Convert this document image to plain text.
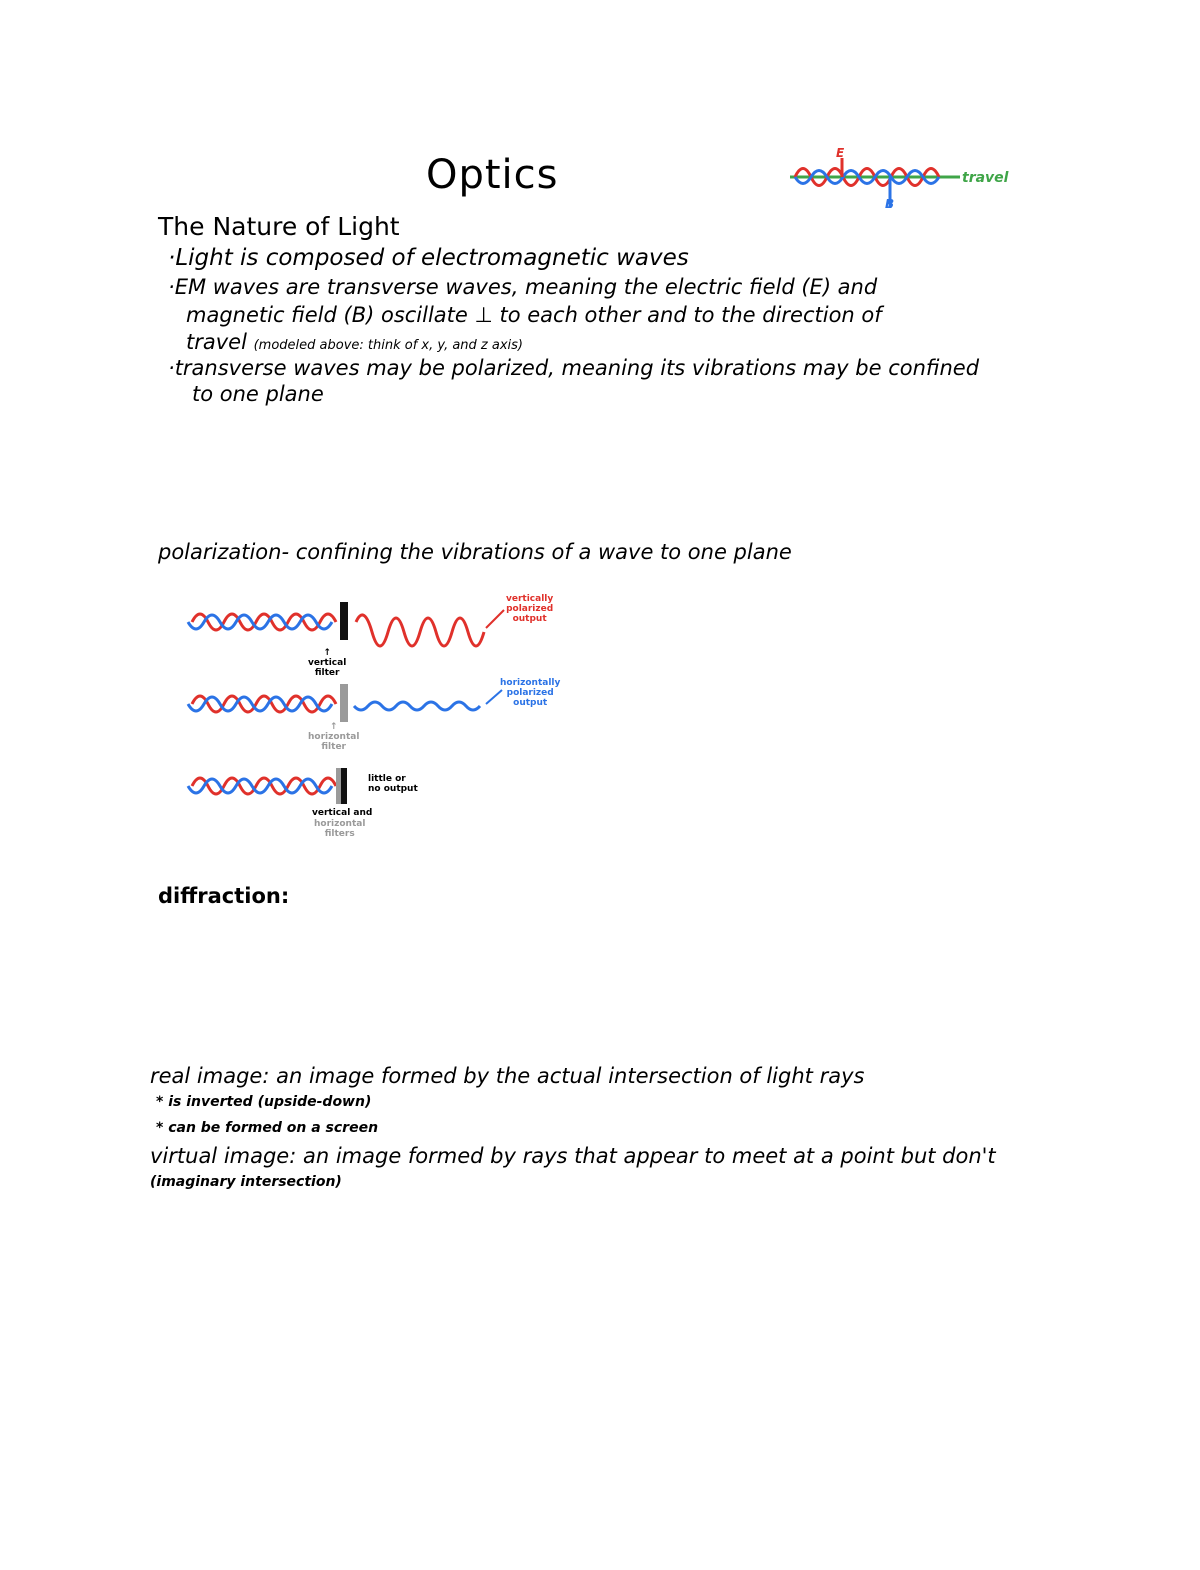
Optics	E
B
travel
The Nature of Light
·Light is composed of electromagnetic waves
·EM waves are transverse waves, meaning the electric field (E) and
magnetic field (B) oscillate ⊥ to each other and to the direction of
travel (modeled above: think of x, y, and z axis)
·transverse waves may be polarized, meaning its vibrations may be confined
to one plane
polarization- confining the vibrations of a wave to one plane
vertically
polarized
output
↑
vertical
filter
horizontally
polarized
output
↑
horizontal
filter
little or
no output
vertical and
horizontal
filters
diffraction:
real image: an image formed by the actual intersection of light rays
* is inverted (upside-down)
* can be formed on a screen
virtual image: an image formed by rays that appear to meet at a point but don't
(imaginary intersection)
